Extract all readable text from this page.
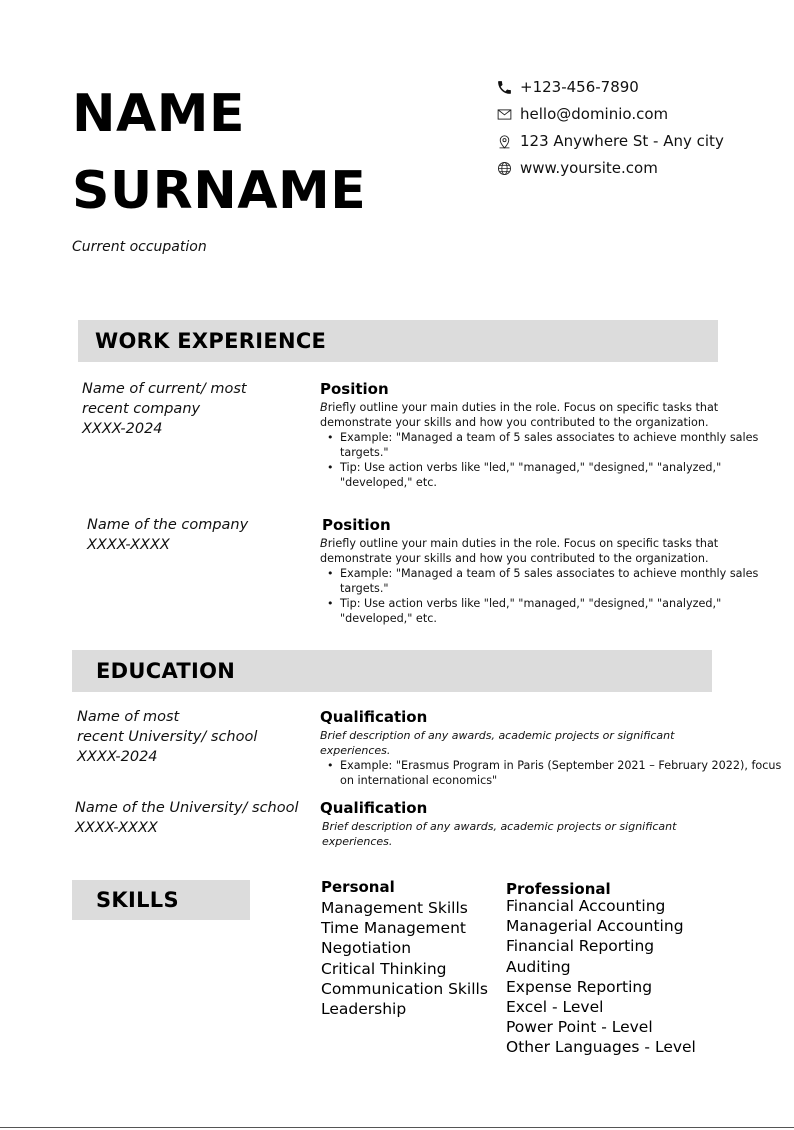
NAME
SURNAME
Current occupation
+123-456-7890
hello@dominio.com
123 Anywhere St - Any city
www.yoursite.com
WORK EXPERIENCE
Name of current/ most
recent company
XXXX-2024
Position
Briefly outline your main duties in the role. Focus on specific tasks that demonstrate your skills and how you contributed to the organization.
• Example: "Managed a team of 5 sales associates to achieve monthly sales targets."
• Tip: Use action verbs like "led," "managed," "designed," "analyzed," "developed," etc.
Name of the company
XXXX-XXXX
Position
Briefly outline your main duties in the role. Focus on specific tasks that demonstrate your skills and how you contributed to the organization.
• Example: "Managed a team of 5 sales associates to achieve monthly sales targets."
• Tip: Use action verbs like "led," "managed," "designed," "analyzed," "developed," etc.
EDUCATION
Name of most
recent University/ school
XXXX-2024
Qualification
Brief description of any awards, academic projects or significant experiences.
• Example: "Erasmus Program in Paris (September 2021 – February 2022), focus on international economics"
Name of the University/ school
XXXX-XXXX
Qualification
Brief description of any awards, academic projects or significant experiences.
SKILLS
Personal
Management Skills
Time Management
Negotiation
Critical Thinking
Communication Skills
Leadership
Professional
Financial Accounting
Managerial Accounting
Financial Reporting
Auditing
Expense Reporting
Excel - Level
Power Point - Level
Other Languages - Level
